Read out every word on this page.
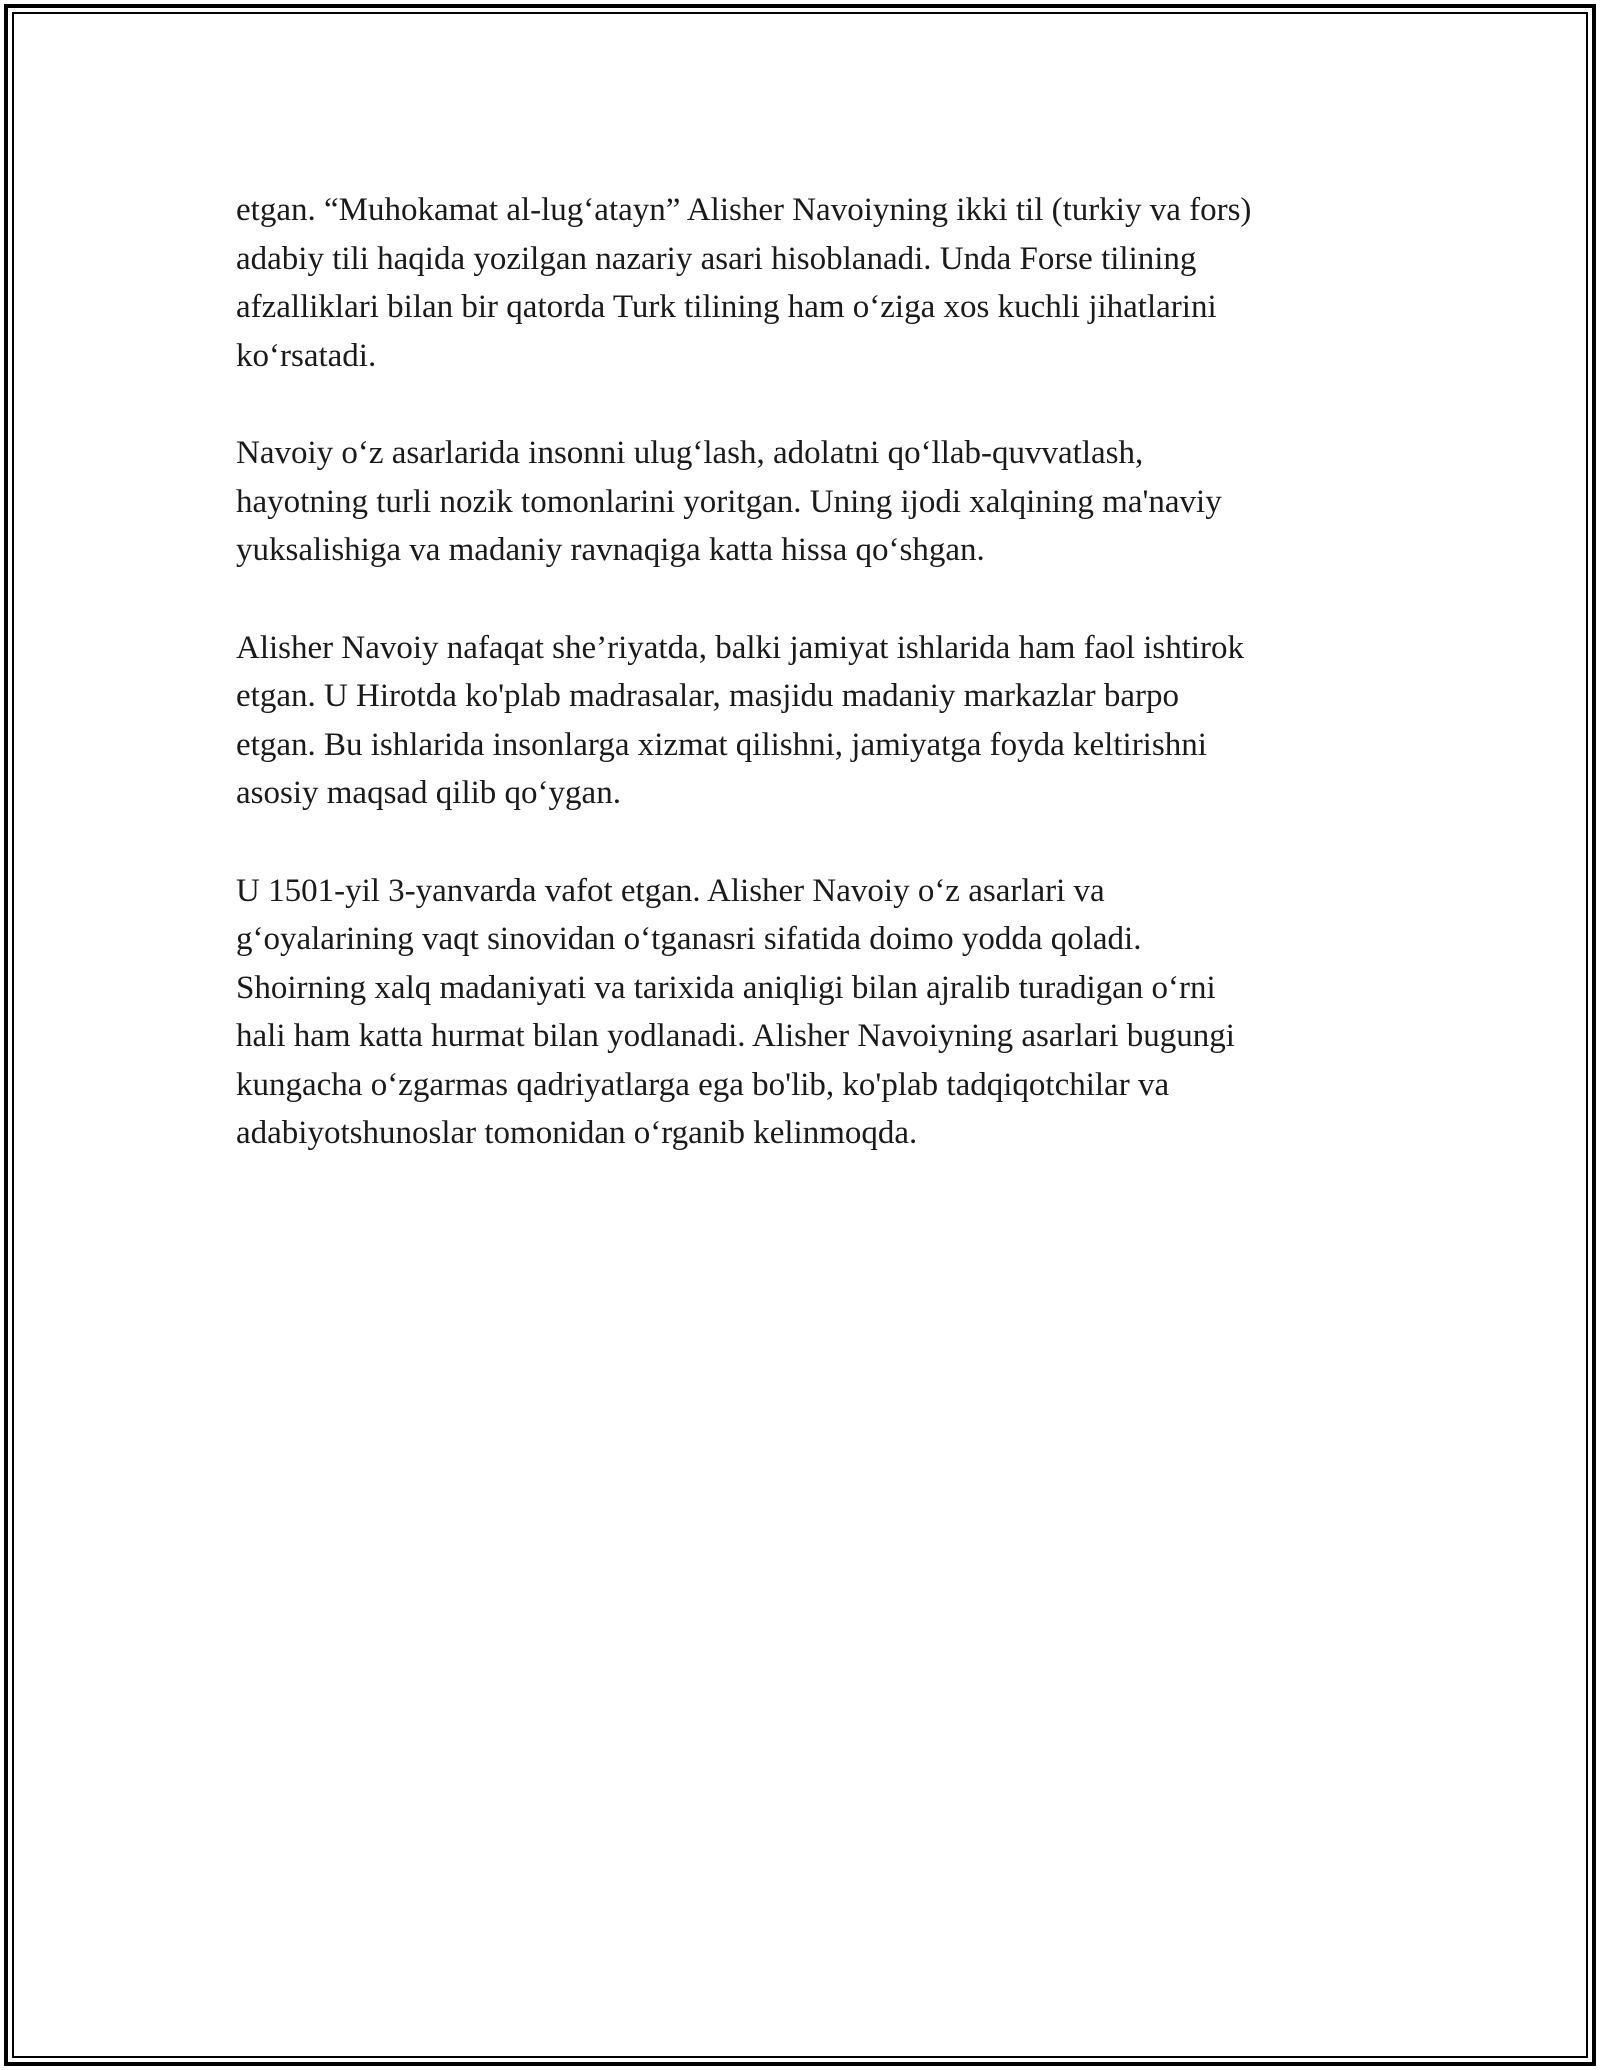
etgan. “Muhokamat al-lug‘atayn” Alisher Navoiyning ikki til (turkiy va fors)
adabiy tili haqida yozilgan nazariy asari hisoblanadi. Unda Forse tilining
afzalliklari bilan bir qatorda Turk tilining ham o‘ziga xos kuchli jihatlarini
ko‘rsatadi.

Navoiy o‘z asarlarida insonni ulug‘lash, adolatni qo‘llab-quvvatlash,
hayotning turli nozik tomonlarini yoritgan. Uning ijodi xalqining ma'naviy
yuksalishiga va madaniy ravnaqiga katta hissa qo‘shgan.

Alisher Navoiy nafaqat she’riyatda, balki jamiyat ishlarida ham faol ishtirok
etgan. U Hirotda ko'plab madrasalar, masjidu madaniy markazlar barpo
etgan. Bu ishlarida insonlarga xizmat qilishni, jamiyatga foyda keltirishni
asosiy maqsad qilib qo‘ygan.

U 1501-yil 3-yanvarda vafot etgan. Alisher Navoiy o‘z asarlari va
g‘oyalarining vaqt sinovidan o‘tganasri sifatida doimo yodda qoladi.
Shoirning xalq madaniyati va tarixida aniqligi bilan ajralib turadigan o‘rni
hali ham katta hurmat bilan yodlanadi. Alisher Navoiyning asarlari bugungi
kungacha o‘zgarmas qadriyatlarga ega bo'lib, ko'plab tadqiqotchilar va
adabiyotshunoslar tomonidan o‘rganib kelinmoqda.
